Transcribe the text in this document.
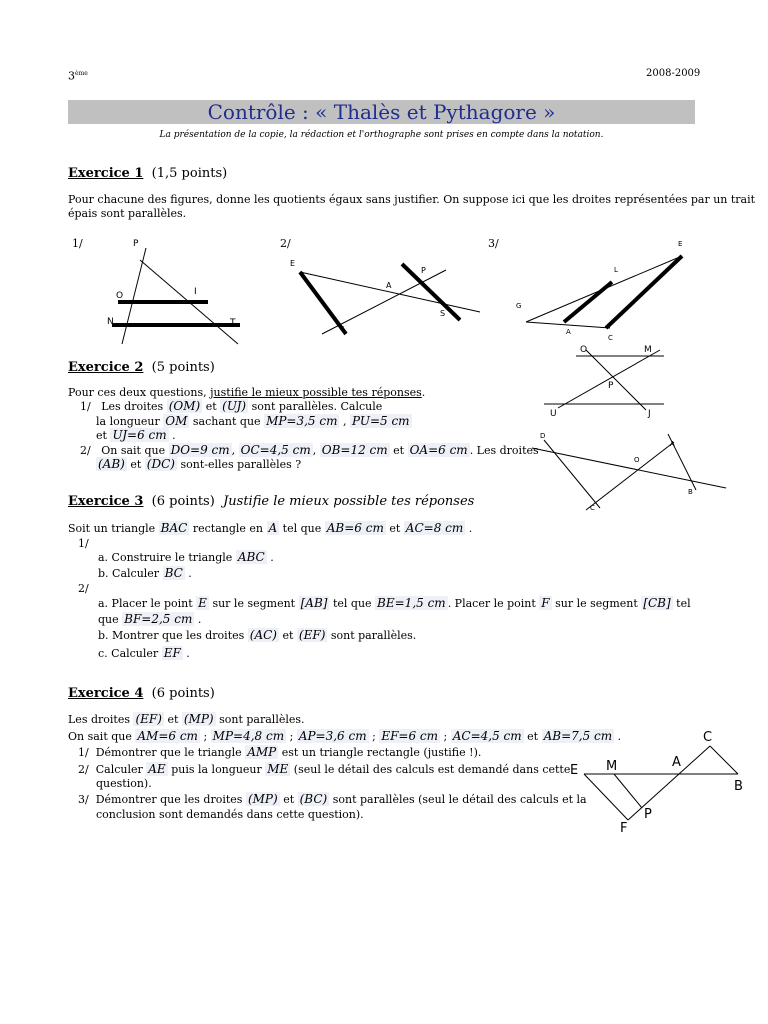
3ème	2008-2009
Contrôle : « Thalès et Pythagore »
La présentation de la copie, la rédaction et l'orthographe sont prises en compte dans la notation.
Exercice 1 (1,5 points)
Pour chacune des figures, donne les quotients égaux sans justifier. On suppose ici que les droites représentées par un trait
épais sont parallèles.
1/	2/	3/
P
O	I
N	T
E
P
A
I
S
E
L
G
A
C
Exercice 2 (5 points)
Pour ces deux questions, justifie le mieux possible tes réponses.
1/ Les droites (OM) et (UJ) sont parallèles. Calcule
la longueur OM sachant que MP=3,5 cm , PU=5 cm
et UJ=6 cm .
2/ On sait que DO=9 cm , OC=4,5 cm , OB=12 cm et OA=6 cm . Les droites
(AB) et (DC) sont-elles parallèles ?
O	M
P
U	J
D
A
O
B
C
Exercice 3 (6 points) Justifie le mieux possible tes réponses
Soit un triangle BAC rectangle en A tel que AB=6 cm et AC=8 cm .
1/
a. Construire le triangle ABC .
b. Calculer BC .
2/
a. Placer le point E sur le segment [AB] tel que BE=1,5 cm . Placer le point F sur le segment [CB] tel
que BF=2,5 cm .
b. Montrer que les droites (AC) et (EF) sont parallèles.
c. Calculer EF .
Exercice 4 (6 points)
Les droites (EF) et (MP) sont parallèles.
On sait que AM=6 cm ; MP=4,8 cm ; AP=3,6 cm ; EF=6 cm ; AC=4,5 cm et AB=7,5 cm .
1/ Démontrer que le triangle AMP est un triangle rectangle (justifie !).
2/ Calculer AE puis la longueur ME (seul le détail des calculs est demandé dans cette
question).
3/ Démontrer que les droites (MP) et (BC) sont parallèles (seul le détail des calculs et la
conclusion sont demandés dans cette question).
C
E M	A
B
P
F
